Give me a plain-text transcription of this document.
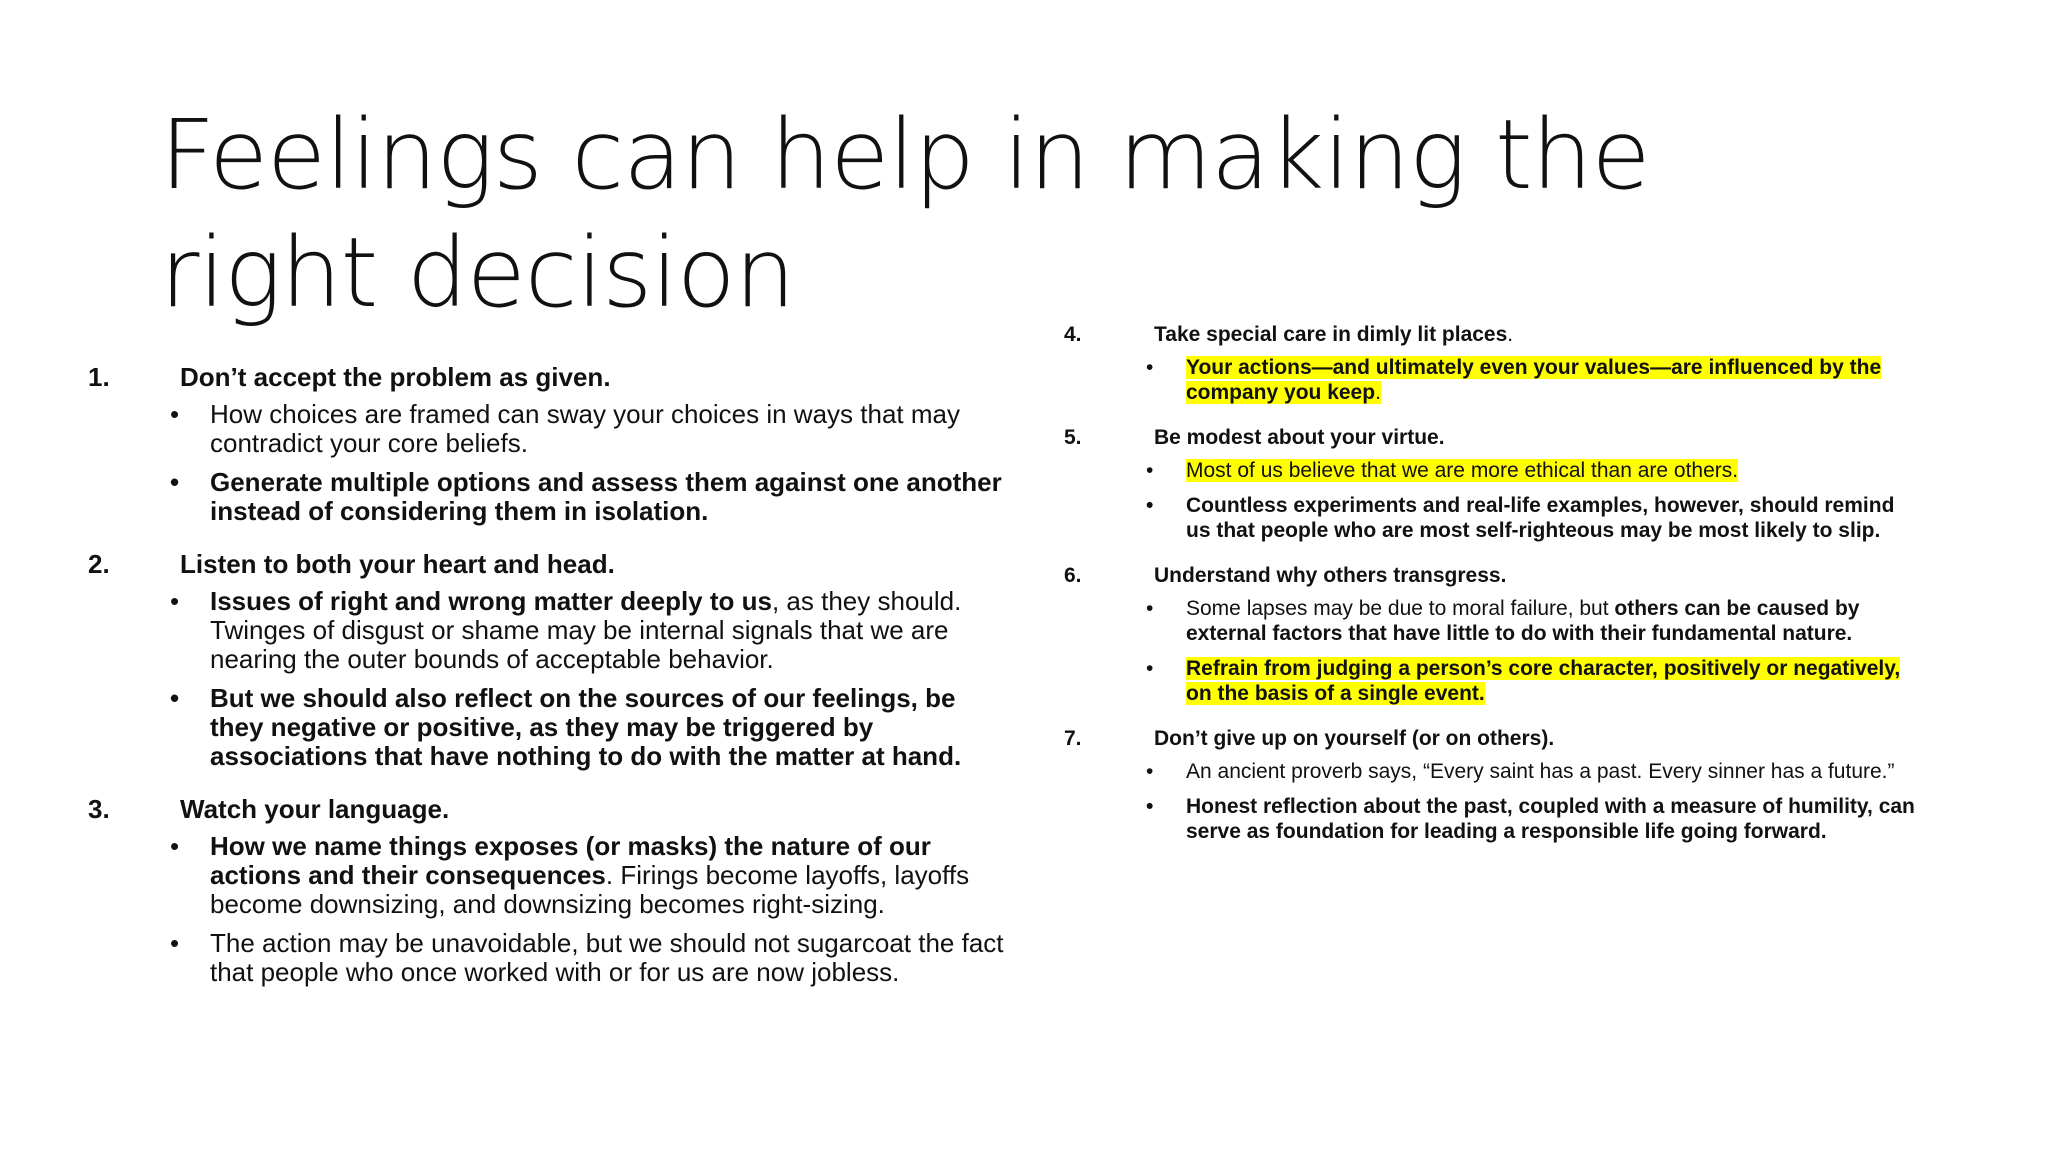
Feelings can help in making the right decision
1.	Don’t accept the problem as given.
• How choices are framed can sway your choices in ways that may contradict your core beliefs.
• Generate multiple options and assess them against one another instead of considering them in isolation.
2.	Listen to both your heart and head.
• Issues of right and wrong matter deeply to us, as they should. Twinges of disgust or shame may be internal signals that we are nearing the outer bounds of acceptable behavior.
• But we should also reflect on the sources of our feelings, be they negative or positive, as they may be triggered by associations that have nothing to do with the matter at hand.
3.	Watch your language.
• How we name things exposes (or masks) the nature of our actions and their consequences. Firings become layoffs, layoffs become downsizing, and downsizing becomes right-sizing.
• The action may be unavoidable, but we should not sugarcoat the fact that people who once worked with or for us are now jobless.
4.	Take special care in dimly lit places.
• Your actions—and ultimately even your values—are influenced by the company you keep.
5.	Be modest about your virtue.
• Most of us believe that we are more ethical than are others.
• Countless experiments and real-life examples, however, should remind us that people who are most self-righteous may be most likely to slip.
6.	Understand why others transgress.
• Some lapses may be due to moral failure, but others can be caused by external factors that have little to do with their fundamental nature.
• Refrain from judging a person’s core character, positively or negatively, on the basis of a single event.
7.	Don’t give up on yourself (or on others).
• An ancient proverb says, “Every saint has a past. Every sinner has a future.”
• Honest reflection about the past, coupled with a measure of humility, can serve as foundation for leading a responsible life going forward.
